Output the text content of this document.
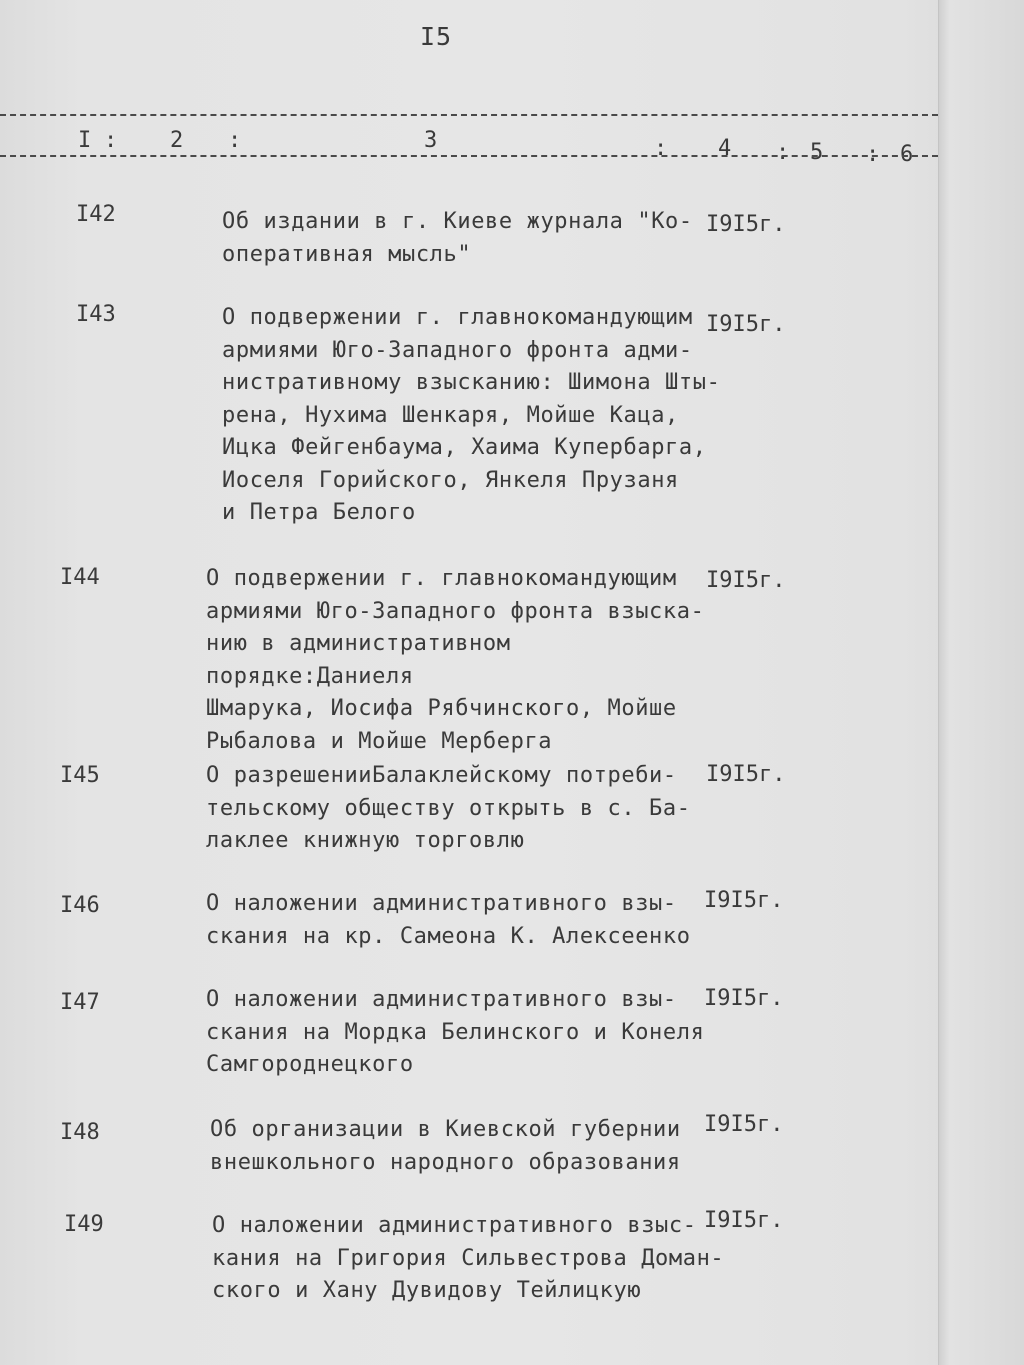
I5
I : 2 :	3	: 4 : 5 : 6
I42	Об издании в г. Киеве журнала "Ко-
оперативная мысль"
I9I5г.
I43	О подвержении г. главнокомандующим
армиями Юго-Западного фронта адми-
нистративному взысканию: Шимона Шты-
рена, Нухима Шенкаря, Мойше Каца,
Ицка Фейгенбаума, Хаима Купербарга,
Иоселя Горийского, Янкеля Прузаня
и Петра Белого
I9I5г.
I44	О подвержении г. главнокомандующим
армиями Юго-Западного фронта взыска-
нию в административном порядке:Даниеля
Шмарука, Иосифа Рябчинского, Мойше
Рыбалова и Мойше Мерберга
I9I5г.
I45	О разрешенииБалаклейскому потреби-
тельскому обществу открыть в с. Ба-
лаклее книжную торговлю
I9I5г.
I46	О наложении административного взы-
скания на кр. Самеона К. Алексеенко
I9I5г.
I47	О наложении административного взы-
скания на Мордка Белинского и Конеля
Самгороднецкого
I9I5г.
I48	Об организации в Киевской губернии
внешкольного народного образования
I9I5г.
I49	О наложении административного взыс-
кания на Григория Сильвестрова Доман-
ского и Хану Дувидову Тейлицкую
I9I5г.
